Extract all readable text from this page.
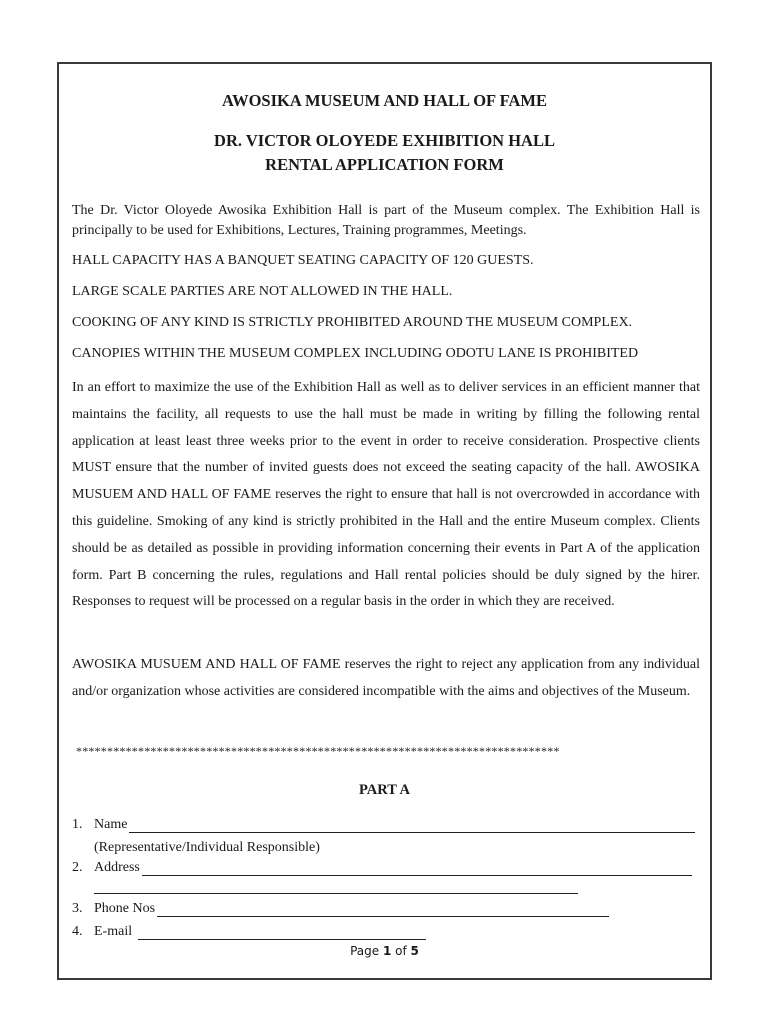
AWOSIKA MUSEUM AND HALL OF FAME
DR. VICTOR OLOYEDE EXHIBITION HALL
RENTAL APPLICATION FORM
The Dr. Victor Oloyede Awosika Exhibition Hall is part of the Museum complex. The Exhibition Hall is principally to be used for Exhibitions, Lectures, Training programmes, Meetings.
HALL CAPACITY HAS A BANQUET SEATING CAPACITY OF 120 GUESTS.
LARGE SCALE PARTIES ARE NOT ALLOWED IN THE HALL.
COOKING OF ANY KIND IS STRICTLY PROHIBITED AROUND THE MUSEUM COMPLEX.
CANOPIES WITHIN THE MUSEUM COMPLEX INCLUDING ODOTU LANE IS PROHIBITED
In an effort to maximize the use of the Exhibition Hall as well as to deliver services in an efficient manner that maintains the facility, all requests to use the hall must be made in writing by filling the following rental application at least least three weeks prior to the event in order to receive consideration. Prospective clients MUST ensure that the number of invited guests does not exceed the seating capacity of the hall. AWOSIKA MUSUEM AND HALL OF FAME reserves the right to ensure that hall is not overcrowded in accordance with this guideline. Smoking of any kind is strictly prohibited in the Hall and the entire Museum complex. Clients should be as detailed as possible in providing information concerning their events in Part A of the application form. Part B concerning the rules, regulations and Hall rental policies should be duly signed by the hirer. Responses to request will be processed on a regular basis in the order in which they are received.
AWOSIKA MUSUEM AND HALL OF FAME reserves the right to reject any application from any individual and/or organization whose activities are considered incompatible with the aims and objectives of the Museum.
******************************************************************************
PART A
1. Name
(Representative/Individual Responsible)
2. Address
3. Phone Nos
4. E-mail
Page 1 of 5
